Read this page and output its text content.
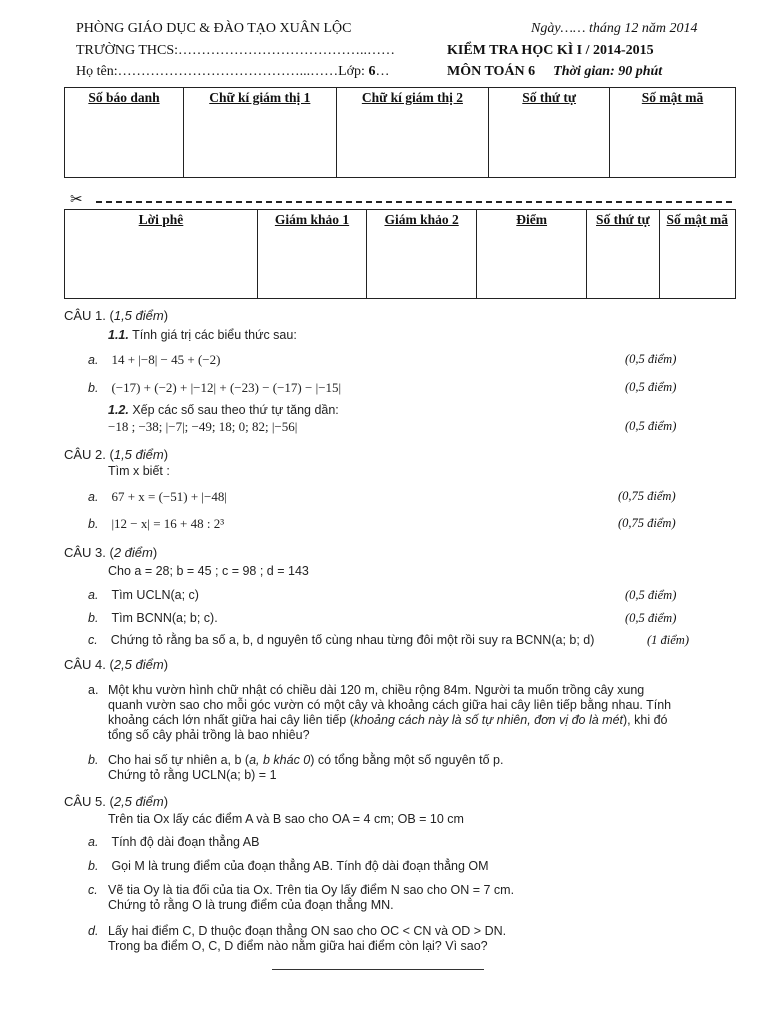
PHÒNG GIÁO DỤC & ĐÀO TẠO XUÂN LỘC
TRƯỜNG THCS:…………………………………..……
Họ tên:…………………………………...……Lớp: 6…
Ngày…… tháng 12 năm 2014
KIỂM TRA HỌC KÌ I / 2014-2015
MÔN TOÁN 6 Thời gian: 90 phút
Số báo danh	Chữ kí giám thị 1	Chữ kí giám thị 2	Số thứ tự	Số mật mã
✂
Lời phê	Giám khảo 1	Giám khảo 2	Điểm	Số thứ tự	Số mật mã
CÂU 1. (1,5 điểm)
1.1. Tính giá trị các biểu thức sau:
a. 14 + |−8| − 45 + (−2)	(0,5 điểm)
b. (−17) + (−2) + |−12| + (−23) − (−17) − |−15|	(0,5 điểm)
1.2. Xếp các số sau theo thứ tự tăng dần:
−18 ; −38; |−7|; −49; 18; 0; 82; |−56|	(0,5 điểm)
CÂU 2. (1,5 điểm)
Tìm x biết :
a. 67 + x = (−51) + |−48|	(0,75 điểm)
b. |12 − x| = 16 + 48 : 2³	(0,75 điểm)
CÂU 3. (2 điểm)
Cho a = 28; b = 45 ; c = 98 ; d = 143
a. Tìm UCLN(a; c)	(0,5 điểm)
b. Tìm BCNN(a; b; c).	(0,5 điểm)
c. Chứng tỏ rằng ba số a, b, d nguyên tố cùng nhau từng đôi một rồi suy ra BCNN(a; b; d)	(1 điểm)
CÂU 4. (2,5 điểm)
a. Một khu vườn hình chữ nhật có chiều dài 120 m, chiều rộng 84m. Người ta muốn trồng cây xung
quanh vườn sao cho mỗi góc vườn có một cây và khoảng cách giữa hai cây liên tiếp bằng nhau. Tính
khoảng cách lớn nhất giữa hai cây liên tiếp (khoảng cách này là số tự nhiên, đơn vị đo là mét), khi đó
tổng số cây phải trồng là bao nhiêu?
b. Cho hai số tự nhiên a, b (a, b khác 0) có tổng bằng một số nguyên tố p.
Chứng tỏ rằng UCLN(a; b) = 1
CÂU 5. (2,5 điểm)
Trên tia Ox lấy các điểm A và B sao cho OA = 4 cm; OB = 10 cm
a. Tính độ dài đoạn thẳng AB
b. Gọi M là trung điểm của đoạn thẳng AB. Tính độ dài đoạn thẳng OM
c. Vẽ tia Oy là tia đối của tia Ox. Trên tia Oy lấy điểm N sao cho ON = 7 cm.
Chứng tỏ rằng O là trung điểm của đoạn thẳng MN.
d. Lấy hai điểm C, D thuộc đoạn thẳng ON sao cho OC < CN và OD > DN.
Trong ba điểm O, C, D điểm nào nằm giữa hai điểm còn lại? Vì sao?
